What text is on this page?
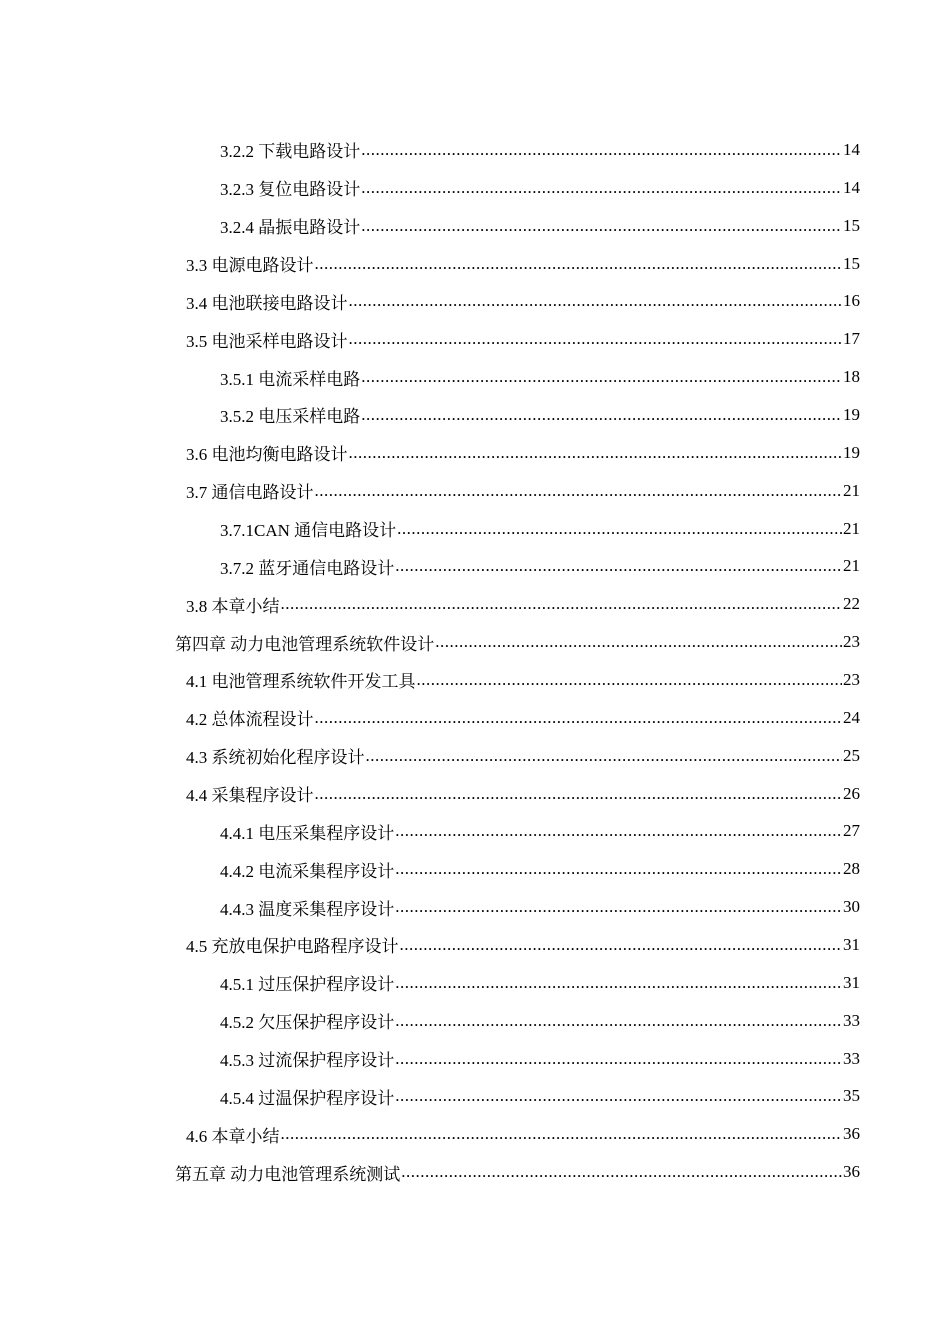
3.2.2 下载电路设计 .....	14
3.2.3 复位电路设计 .....	14
3.2.4 晶振电路设计 .....	15
3.3 电源电路设计 .....	15
3.4 电池联接电路设计 .....	16
3.5 电池采样电路设计 .....	17
3.5.1 电流采样电路 .....	18
3.5.2 电压采样电路 .....	19
3.6 电池均衡电路设计 .....	19
3.7 通信电路设计 .....	21
3.7.1CAN 通信电路设计 .....	21
3.7.2 蓝牙通信电路设计 .....	21
3.8 本章小结 .....	22
第四章 动力电池管理系统软件设计 .....	23
4.1 电池管理系统软件开发工具 .....	23
4.2 总体流程设计 .....	24
4.3 系统初始化程序设计 .....	25
4.4 采集程序设计 .....	26
4.4.1 电压采集程序设计 .....	27
4.4.2 电流采集程序设计 .....	28
4.4.3 温度采集程序设计 .....	30
4.5 充放电保护电路程序设计 .....	31
4.5.1 过压保护程序设计 .....	31
4.5.2 欠压保护程序设计 .....	33
4.5.3 过流保护程序设计 .....	33
4.5.4 过温保护程序设计 .....	35
4.6 本章小结 .....	36
第五章 动力电池管理系统测试 .....	36
